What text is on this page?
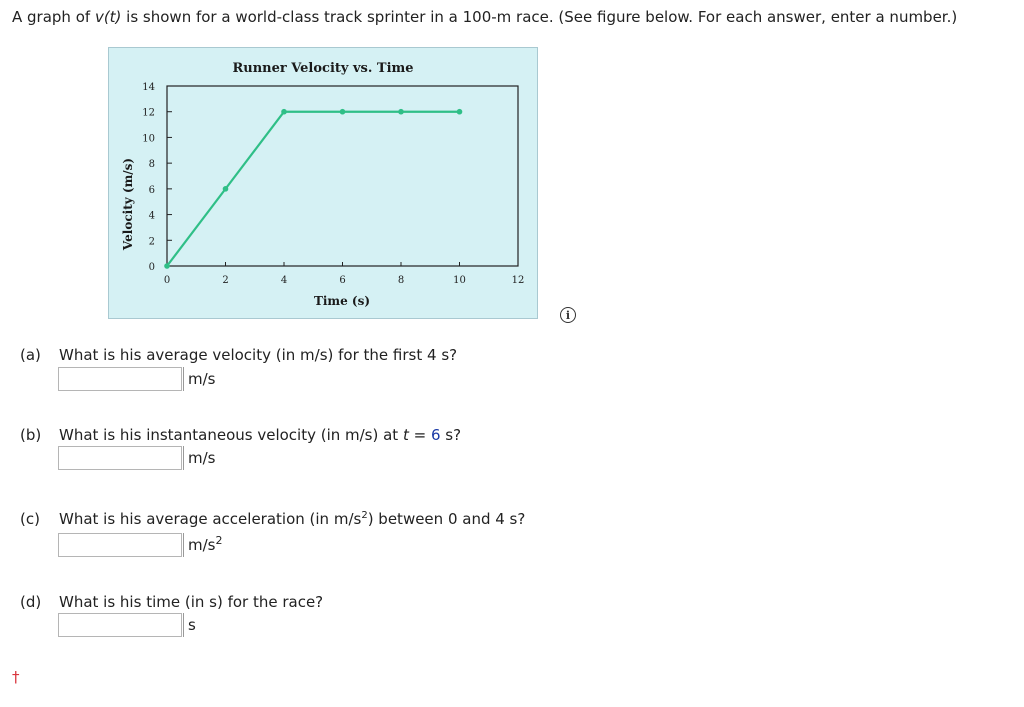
A graph of v(t) is shown for a world-class track sprinter in a 100-m race. (See figure below. For each answer, enter a number.)
Runner Velocity vs. Time
Time (s)
Velocity (m/s)
0	2	4	6	8	10	12
0
2
4
6
8
10
12
14
i
(a) What is his average velocity (in m/s) for the first 4 s?
m/s
(b) What is his instantaneous velocity (in m/s) at t = 6 s?
m/s
(c) What is his average acceleration (in $m/s^2$) between 0 and 4 s?
$m/s^2$
(d) What is his time (in s) for the race?
s
†
